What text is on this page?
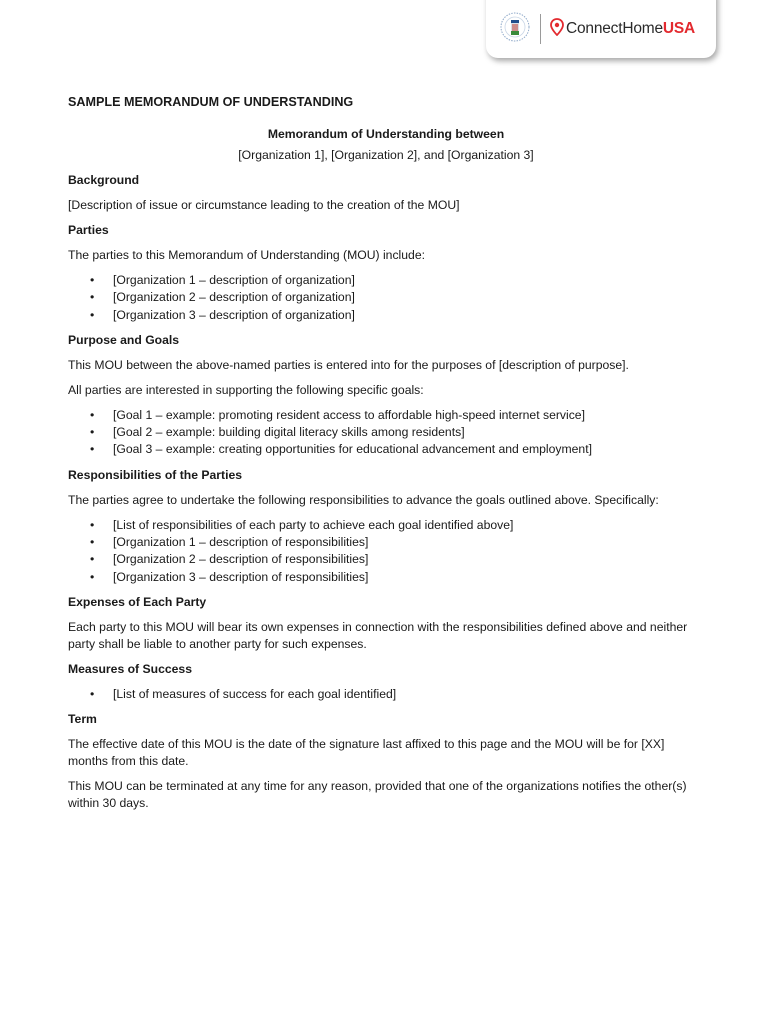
ConnectHomeUSA
SAMPLE MEMORANDUM OF UNDERSTANDING
Memorandum of Understanding between
[Organization 1], [Organization 2], and [Organization 3]
Background
[Description of issue or circumstance leading to the creation of the MOU]
Parties
The parties to this Memorandum of Understanding (MOU) include:
• [Organization 1 – description of organization]
• [Organization 2 – description of organization]
• [Organization 3 – description of organization]
Purpose and Goals
This MOU between the above-named parties is entered into for the purposes of [description of purpose].
All parties are interested in supporting the following specific goals:
• [Goal 1 – example: promoting resident access to affordable high-speed internet service]
• [Goal 2 – example: building digital literacy skills among residents]
• [Goal 3 – example: creating opportunities for educational advancement and employment]
Responsibilities of the Parties
The parties agree to undertake the following responsibilities to advance the goals outlined above. Specifically:
• [List of responsibilities of each party to achieve each goal identified above]
• [Organization 1 – description of responsibilities]
• [Organization 2 – description of responsibilities]
• [Organization 3 – description of responsibilities]
Expenses of Each Party
Each party to this MOU will bear its own expenses in connection with the responsibilities defined above and neither party shall be liable to another party for such expenses.
Measures of Success
• [List of measures of success for each goal identified]
Term
The effective date of this MOU is the date of the signature last affixed to this page and the MOU will be for [XX] months from this date.
This MOU can be terminated at any time for any reason, provided that one of the organizations notifies the other(s) within 30 days.
